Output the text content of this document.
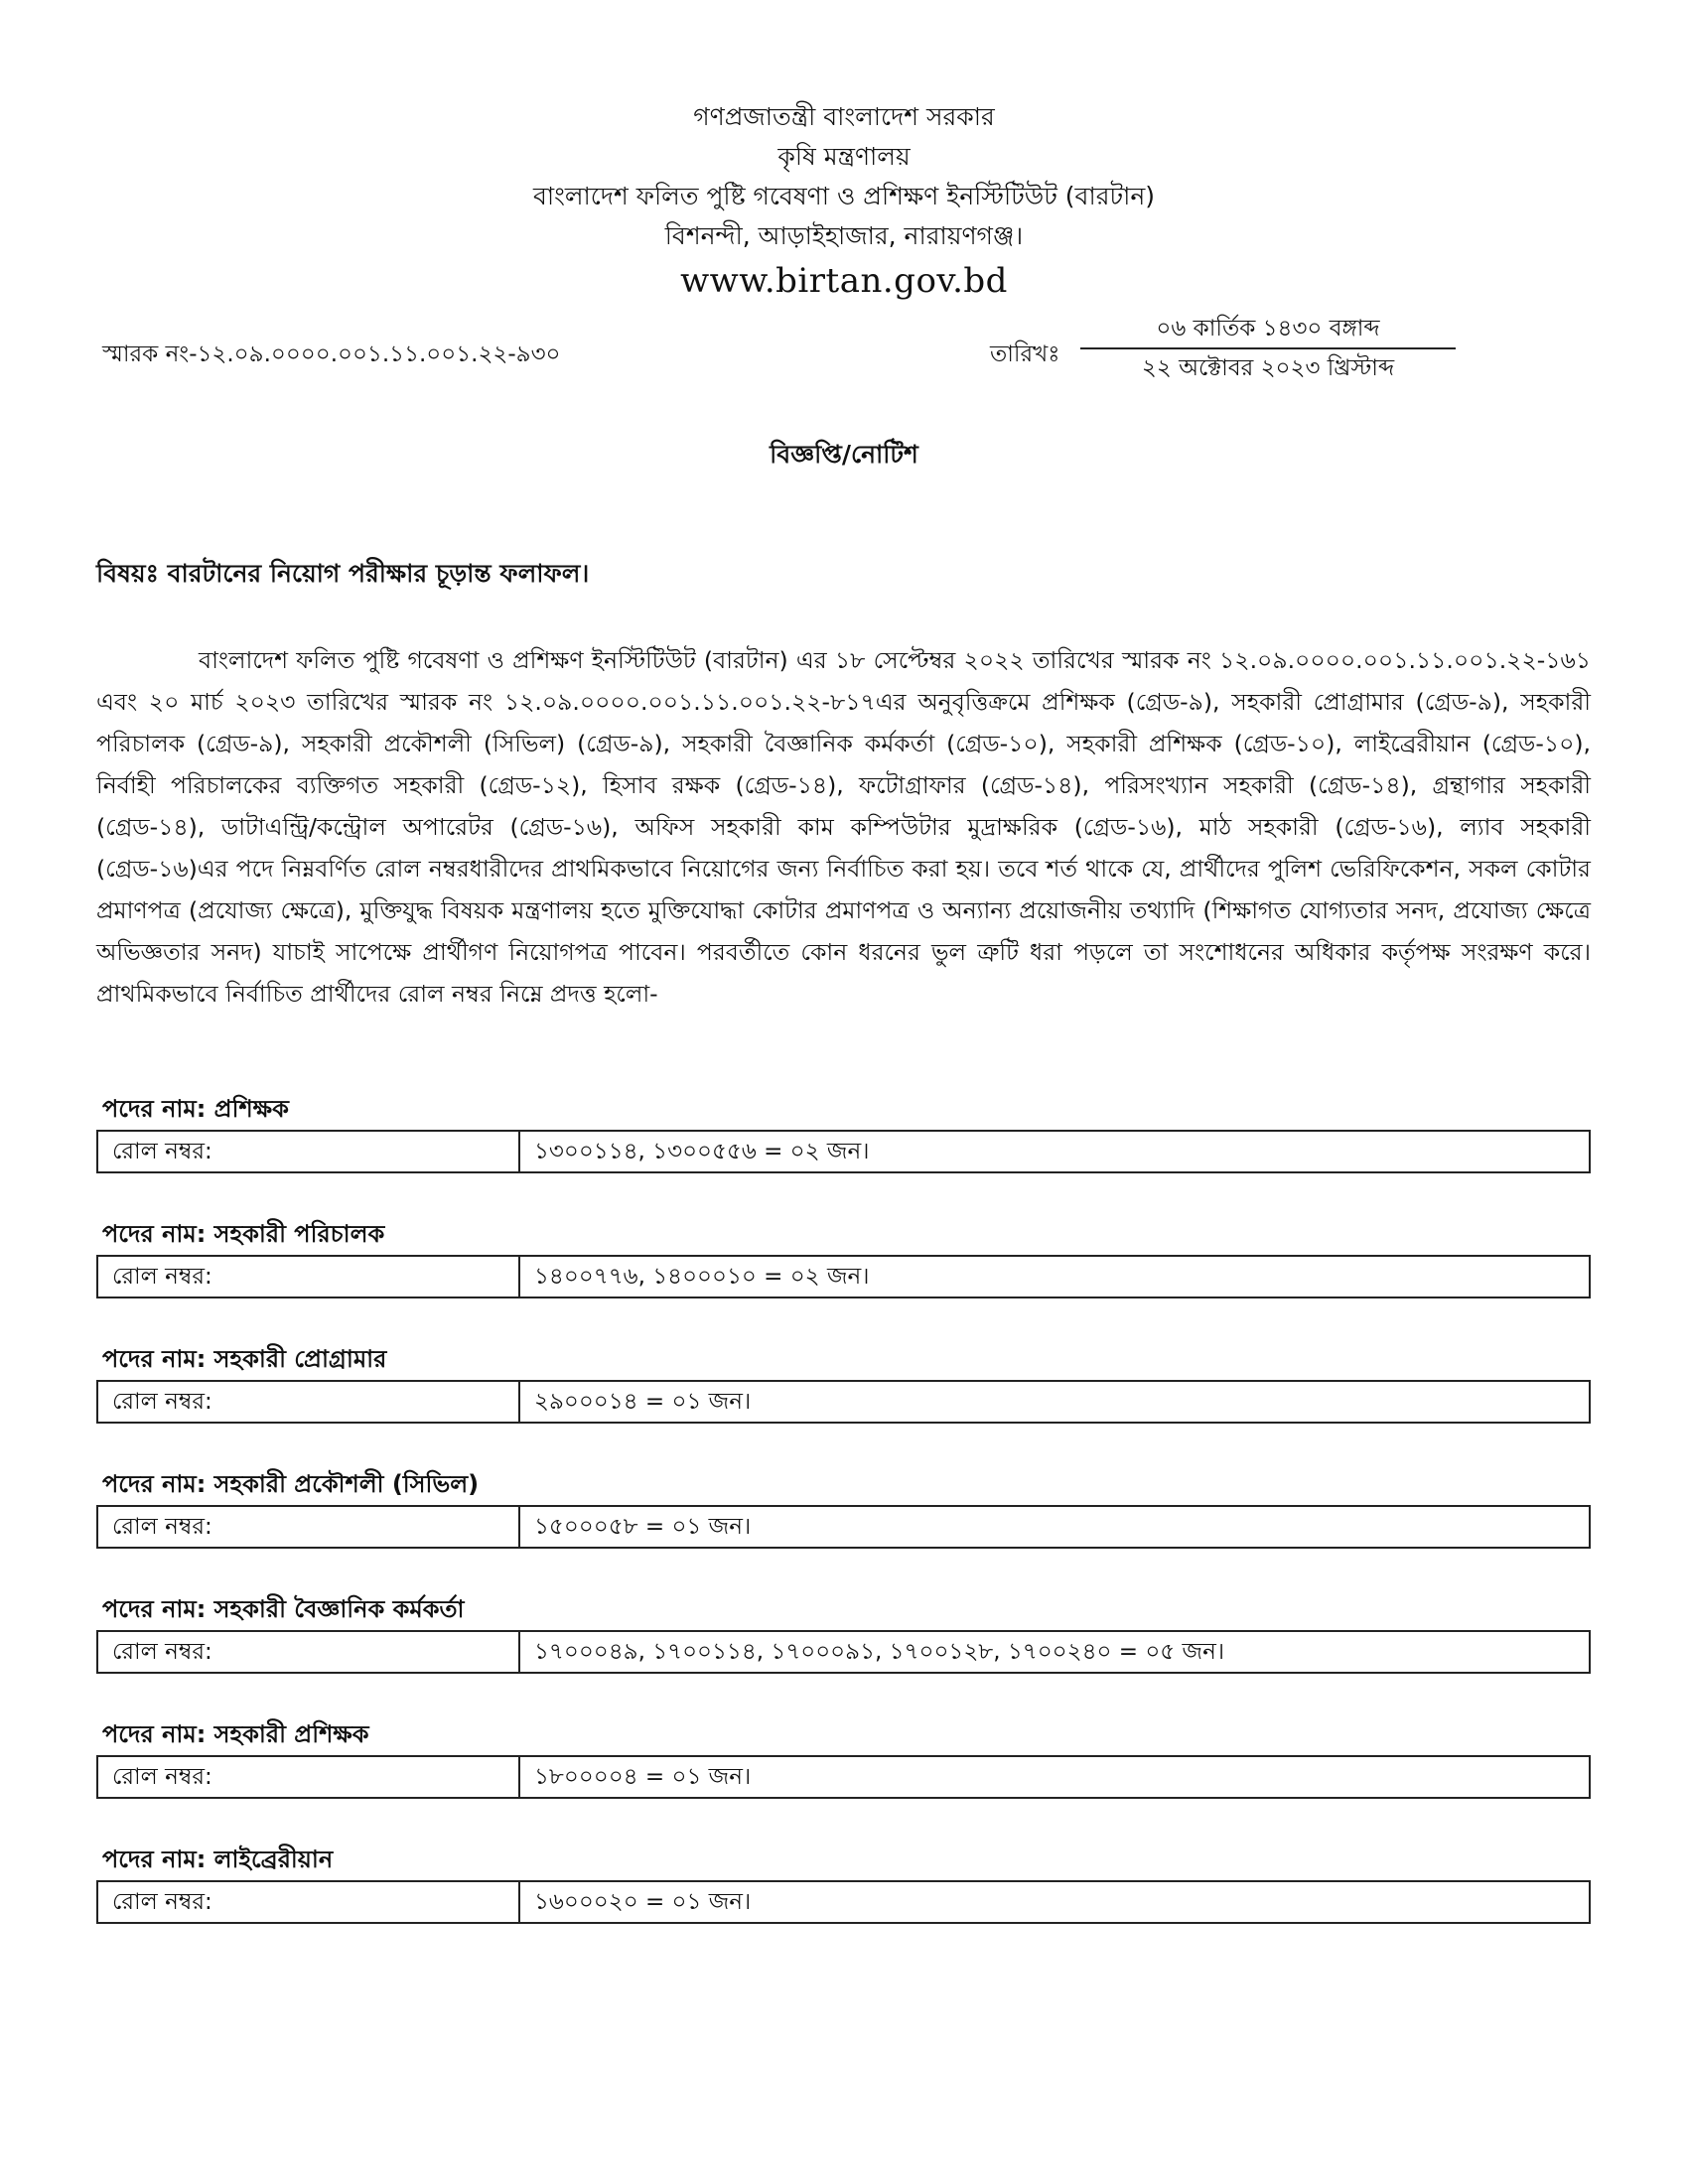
গণপ্রজাতন্ত্রী বাংলাদেশ সরকার
কৃষি মন্ত্রণালয়
বাংলাদেশ ফলিত পুষ্টি গবেষণা ও প্রশিক্ষণ ইনস্টিটিউট (বারটান)
বিশনন্দী, আড়াইহাজার, নারায়ণগঞ্জ।
www.birtan.gov.bd
স্মারক নং-১২.০৯.০০০০.০০১.১১.০০১.২২-৯৩০	তারিখঃ
০৬ কার্তিক ১৪৩০ বঙ্গাব্দ
২২ অক্টোবর ২০২৩ খ্রিস্টাব্দ
বিজ্ঞপ্তি/নোটিশ
বিষয়ঃ বারটানের নিয়োগ পরীক্ষার চূড়ান্ত ফলাফল।
বাংলাদেশ ফলিত পুষ্টি গবেষণা ও প্রশিক্ষণ ইনস্টিটিউট (বারটান) এর ১৮ সেপ্টেম্বর ২০২২ তারিখের স্মারক নং ১২.০৯.০০০০.০০১.১১.০০১.২২-১৬১ এবং ২০ মার্চ ২০২৩ তারিখের স্মারক নং ১২.০৯.০০০০.০০১.১১.০০১.২২-৮১৭এর অনুবৃত্তিক্রমে প্রশিক্ষক (গ্রেড-৯), সহকারী প্রোগ্রামার (গ্রেড-৯), সহকারী পরিচালক (গ্রেড-৯), সহকারী প্রকৌশলী (সিভিল) (গ্রেড-৯), সহকারী বৈজ্ঞানিক কর্মকর্তা (গ্রেড-১০), সহকারী প্রশিক্ষক (গ্রেড-১০), লাইব্রেরীয়ান (গ্রেড-১০), নির্বাহী পরিচালকের ব্যক্তিগত সহকারী (গ্রেড-১২), হিসাব রক্ষক (গ্রেড-১৪), ফটোগ্রাফার (গ্রেড-১৪), পরিসংখ্যান সহকারী (গ্রেড-১৪), গ্রন্থাগার সহকারী (গ্রেড-১৪), ডাটাএন্ট্রি/কন্ট্রোল অপারেটর (গ্রেড-১৬), অফিস সহকারী কাম কম্পিউটার মুদ্রাক্ষরিক (গ্রেড-১৬), মাঠ সহকারী (গ্রেড-১৬), ল্যাব সহকারী (গ্রেড-১৬)এর পদে নিম্নবর্ণিত রোল নম্বরধারীদের প্রাথমিকভাবে নিয়োগের জন্য নির্বাচিত করা হয়। তবে শর্ত থাকে যে, প্রার্থীদের পুলিশ ভেরিফিকেশন, সকল কোটার প্রমাণপত্র (প্রযোজ্য ক্ষেত্রে), মুক্তিযুদ্ধ বিষয়ক মন্ত্রণালয় হতে মুক্তিযোদ্ধা কোটার প্রমাণপত্র ও অন্যান্য প্রয়োজনীয় তথ্যাদি (শিক্ষাগত যোগ্যতার সনদ, প্রযোজ্য ক্ষেত্রে অভিজ্ঞতার সনদ) যাচাই সাপেক্ষে প্রার্থীগণ নিয়োগপত্র পাবেন। পরবর্তীতে কোন ধরনের ভুল ত্রুটি ধরা পড়লে তা সংশোধনের অধিকার কর্তৃপক্ষ সংরক্ষণ করে। প্রাথমিকভাবে নির্বাচিত প্রার্থীদের রোল নম্বর নিম্নে প্রদত্ত হলো-
পদের নাম: প্রশিক্ষক
রোল নম্বর:	১৩০০১১৪, ১৩০০৫৫৬ = ০২ জন।
পদের নাম: সহকারী পরিচালক
রোল নম্বর:	১৪০০৭৭৬, ১৪০০০১০ = ০২ জন।
পদের নাম: সহকারী প্রোগ্রামার
রোল নম্বর:	২৯০০০১৪ = ০১ জন।
পদের নাম: সহকারী প্রকৌশলী (সিভিল)
রোল নম্বর:	১৫০০০৫৮ = ০১ জন।
পদের নাম: সহকারী বৈজ্ঞানিক কর্মকর্তা
রোল নম্বর:	১৭০০০৪৯, ১৭০০১১৪, ১৭০০০৯১, ১৭০০১২৮, ১৭০০২৪০ = ০৫ জন।
পদের নাম: সহকারী প্রশিক্ষক
রোল নম্বর:	১৮০০০০৪ = ০১ জন।
পদের নাম: লাইব্রেরীয়ান
রোল নম্বর:	১৬০০০২০ = ০১ জন।
